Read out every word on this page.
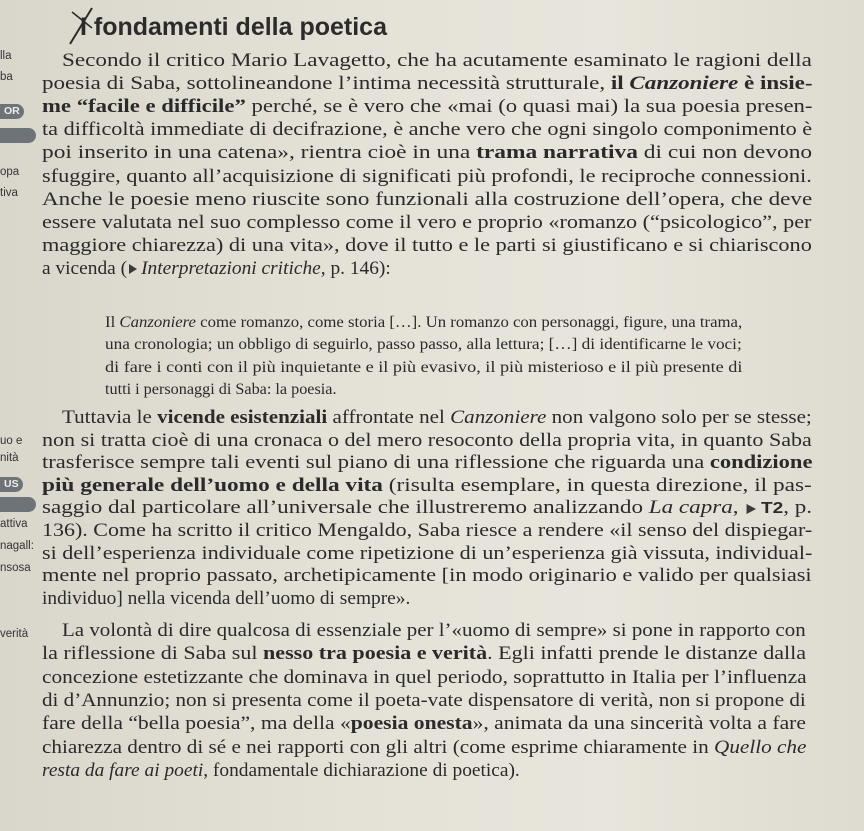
I fondamenti della poetica
lla
ba
OR
opa
tiva
uo e
nità
US
attiva
nagall:
nsosa
verità
Secondo il critico Mario Lavagetto, che ha acutamente esaminato le ragioni della
poesia di Saba, sottolineandone l’intima necessità strutturale, il Canzoniere è insie-
me “facile e difficile” perché, se è vero che «mai (o quasi mai) la sua poesia presen-
ta difficoltà immediate di decifrazione, è anche vero che ogni singolo componimento è
poi inserito in una catena», rientra cioè in una trama narrativa di cui non devono
sfuggire, quanto all’acquisizione di significati più profondi, le reciproche connessioni.
Anche le poesie meno riuscite sono funzionali alla costruzione dell’opera, che deve
essere valutata nel suo complesso come il vero e proprio «romanzo (“psicologico”, per
maggiore chiarezza) di una vita», dove il tutto e le parti si giustificano e si chiariscono
a vicenda ( Interpretazioni critiche, p. 146):
Il Canzoniere come romanzo, come storia […]. Un romanzo con personaggi, figure, una trama,
una cronologia; un obbligo di seguirlo, passo passo, alla lettura; […] di identificarne le voci;
di fare i conti con il più inquietante e il più evasivo, il più misterioso e il più presente di
tutti i personaggi di Saba: la poesia.
Tuttavia le vicende esistenziali affrontate nel Canzoniere non valgono solo per se stesse;
non si tratta cioè di una cronaca o del mero resoconto della propria vita, in quanto Saba
trasferisce sempre tali eventi sul piano di una riflessione che riguarda una condizione
più generale dell’uomo e della vita (risulta esemplare, in questa direzione, il pas-
saggio dal particolare all’universale che illustreremo analizzando La capra, T2, p.
136). Come ha scritto il critico Mengaldo, Saba riesce a rendere «il senso del dispiegar-
si dell’esperienza individuale come ripetizione di un’esperienza già vissuta, individual-
mente nel proprio passato, archetipicamente [in modo originario e valido per qualsiasi
individuo] nella vicenda dell’uomo di sempre».
La volontà di dire qualcosa di essenziale per l’«uomo di sempre» si pone in rapporto con
la riflessione di Saba sul nesso tra poesia e verità. Egli infatti prende le distanze dalla
concezione estetizzante che dominava in quel periodo, soprattutto in Italia per l’influenza
di d’Annunzio; non si presenta come il poeta-vate dispensatore di verità, non si propone di
fare della “bella poesia”, ma della «poesia onesta», animata da una sincerità volta a fare
chiarezza dentro di sé e nei rapporti con gli altri (come esprime chiaramente in Quello che
resta da fare ai poeti, fondamentale dichiarazione di poetica).
